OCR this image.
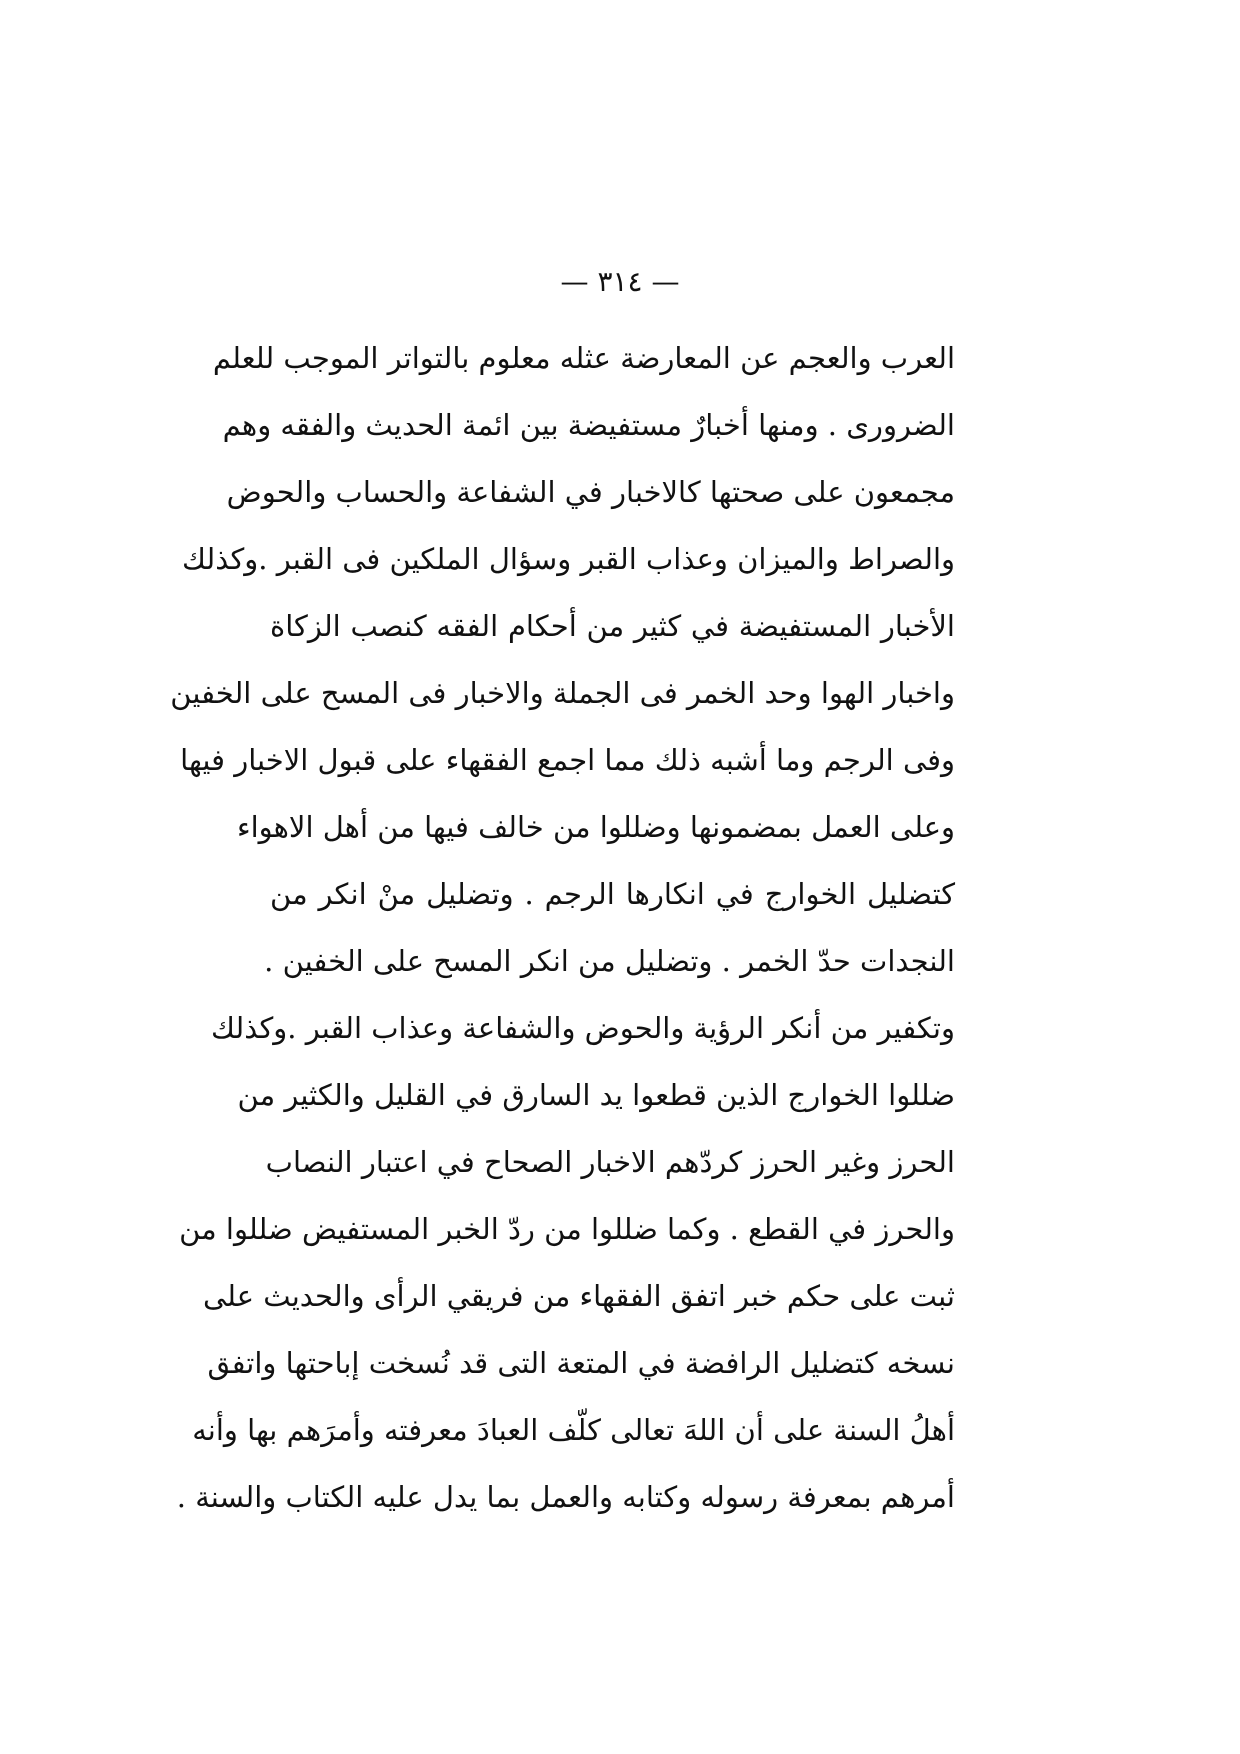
— ٣١٤ —
العرب والعجم عن المعارضة عثله معلوم بالتواتر الموجب للعلم
الضرورى . ومنها أخبارٌ مستفيضة بين ائمة الحديث والفقه وهم
مجمعون على صحتها كالاخبار في الشفاعة والحساب والحوض
والصراط والميزان وعذاب القبر وسؤال الملكين فى القبر .وكذلك
الأخبار المستفيضة في كثير من أحكام الفقه كنصب الزكاة
واخبار الهوا وحد الخمر فى الجملة والاخبار فى المسح على الخفين
وفى الرجم وما أشبه ذلك مما اجمع الفقهاء على قبول الاخبار فيها
وعلى العمل بمضمونها وضللوا من خالف فيها من أهل الاهواء
كتضليل الخوارج في انكارها الرجم . وتضليل منْ انكر من
النجدات حدّ الخمر . وتضليل من انكر المسح على الخفين .
وتكفير من أنكر الرؤية والحوض والشفاعة وعذاب القبر .وكذلك
ضللوا الخوارج الذين قطعوا يد السارق في القليل والكثير من
الحرز وغير الحرز كردّهم الاخبار الصحاح في اعتبار النصاب
والحرز في القطع . وكما ضللوا من ردّ الخبر المستفيض ضللوا من
ثبت على حكم خبر اتفق الفقهاء من فريقي الرأى والحديث على
نسخه كتضليل الرافضة في المتعة التى قد نُسخت إباحتها واتفق
أهلُ السنة على أن اللهَ تعالى كلّف العبادَ معرفته وأمرَهم بها وأنه
أمرهم بمعرفة رسوله وكتابه والعمل بما يدل عليه الكتاب والسنة .
